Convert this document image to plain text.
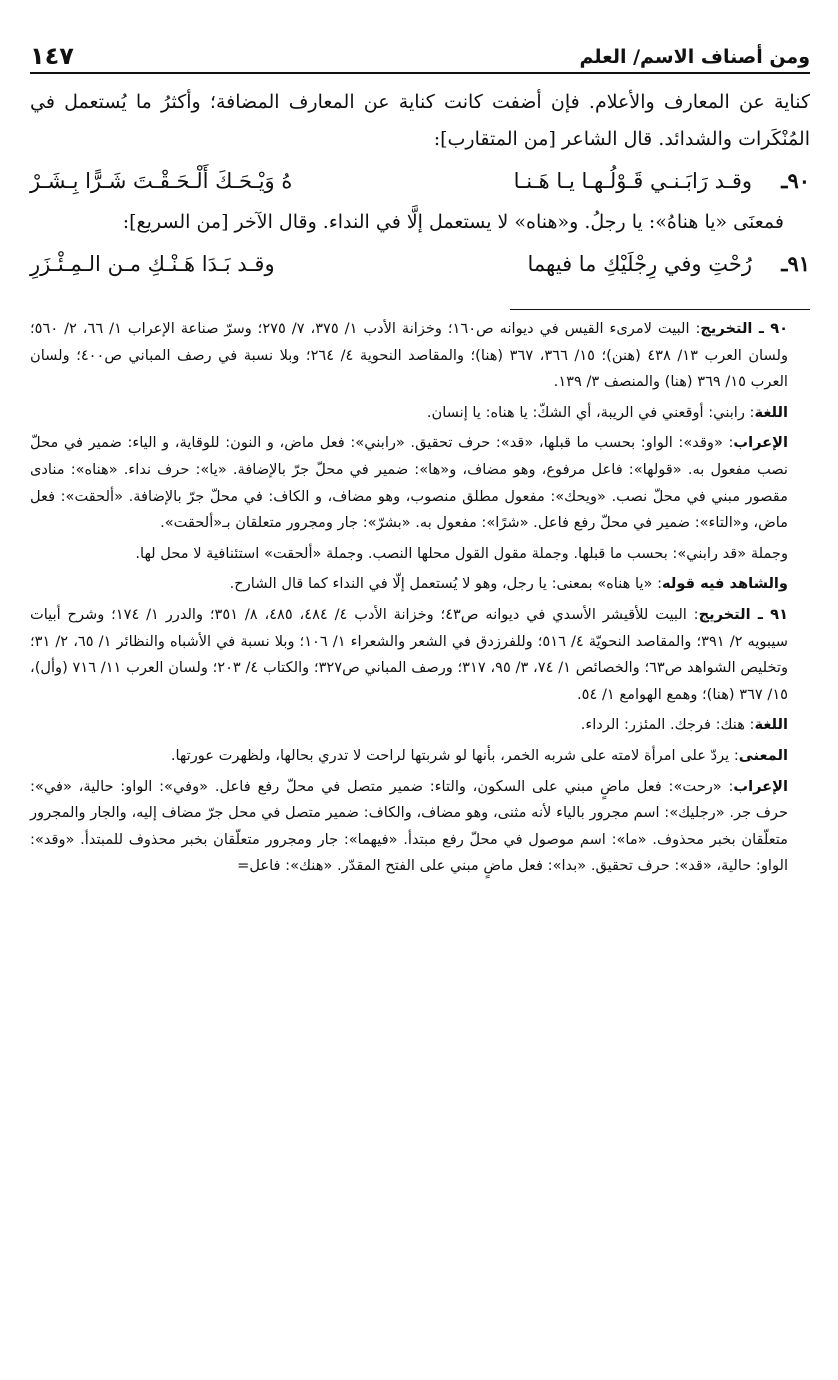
ومن أصناف الاسم/ العلم
١٤٧

كناية عن المعارف والأعلام. فإن أضفت كانت كناية عن المعارف المضافة؛ وأكثرُ ما يُستعمل في المُنْكَرات والشدائد. قال الشاعر [من المتقارب]:

٩٠ـ
وقـد رَابَـنـي قَـوْلُـهـا يـا هَـنـا
هُ وَيْـحَـكَ أَلْـحَـقْـتَ شَـرًّا بِـشَـرْ

فمعنَى «يا هناهُ»: يا رجلُ. و«هناه» لا يستعمل إلَّا في النداء. وقال الآخر [من السريع]:

٩١ـ
رُحْتِ وفي رِجْلَيْكِ ما فيهما
وقـد بَـدَا هَـنْـكِ مـن الـمِـئْـزَرِ

٩٠ ـ التخريج: البيت لامرىء القيس في ديوانه ص١٦٠؛ وخزانة الأدب ١/ ٣٧٥، ٧/ ٢٧٥؛ وسرّ صناعة الإعراب ١/ ٦٦، ٢/ ٥٦٠؛ ولسان العرب ١٣/ ٤٣٨ (هنن)؛ ١٥/ ٣٦٦، ٣٦٧ (هنا)؛ والمقاصد النحوية ٤/ ٢٦٤؛ وبلا نسبة في رصف المباني ص٤٠٠؛ ولسان العرب ١٥/ ٣٦٩ (هنا) والمنصف ٣/ ١٣٩.

اللغة: رابني: أوقعني في الريبة، أي الشكّ: يا هناه: يا إنسان.

الإعراب: «وقد»: الواو: بحسب ما قبلها، «قد»: حرف تحقيق. «رابني»: فعل ماض، و النون: للوقاية، و الياء: ضمير في محلّ نصب مفعول به. «قولها»: فاعل مرفوع، وهو مضاف، و«ها»: ضمير في محلّ جرّ بالإضافة. «يا»: حرف نداء. «هناه»: منادى مقصور مبني في محلّ نصب. «ويحك»: مفعول مطلق منصوب، وهو مضاف، و الكاف: في محلّ جرّ بالإضافة. «ألحقت»: فعل ماض، و«التاء»: ضمير في محلّ رفع فاعل. «شرًا»: مفعول به. «بشرّ»: جار ومجرور متعلقان بـ«ألحقت».

وجملة «قد رابني»: بحسب ما قبلها. وجملة مقول القول محلها النصب. وجملة «ألحقت» استئنافية لا محل لها.

والشاهد فيه قوله: «يا هناه» بمعنى: يا رجل، وهو لا يُستعمل إلّا في النداء كما قال الشارح.

٩١ ـ التخريج: البيت للأقيشر الأسدي في ديوانه ص٤٣؛ وخزانة الأدب ٤/ ٤٨٤، ٤٨٥، ٨/ ٣٥١؛ والدرر ١/ ١٧٤؛ وشرح أبيات سيبويه ٢/ ٣٩١؛ والمقاصد النحويّة ٤/ ٥١٦؛ وللفرزدق في الشعر والشعراء ١/ ١٠٦؛ وبلا نسبة في الأشباه والنظائر ١/ ٦٥، ٢/ ٣١؛ وتخليص الشواهد ص٦٣؛ والخصائص ١/ ٧٤، ٣/ ٩٥، ٣١٧؛ ورصف المباني ص٣٢٧؛ والكتاب ٤/ ٢٠٣؛ ولسان العرب ١١/ ٧١٦ (وأل)، ١٥/ ٣٦٧ (هنا)؛ وهمع الهوامع ١/ ٥٤.

اللغة: هنك: فرجك. المئزر: الرداء.

المعنى: يردّ على امرأة لامته على شربه الخمر، بأنها لو شربتها لراحت لا تدري بحالها، ولظهرت عورتها.

الإعراب: «رحت»: فعل ماضٍ مبني على السكون، والتاء: ضمير متصل في محلّ رفع فاعل. «وفي»: الواو: حالية، «في»: حرف جر. «رجليك»: اسم مجرور بالياء لأنه مثنى، وهو مضاف، والكاف: ضمير متصل في محل جرّ مضاف إليه، والجار والمجرور متعلّقان بخبر محذوف. «ما»: اسم موصول في محلّ رفع مبتدأ. «فيهما»: جار ومجرور متعلّقان بخبر محذوف للمبتدأ. «وقد»: الواو: حالية، «قد»: حرف تحقيق. «بدا»: فعل ماضٍ مبني على الفتح المقدّر. «هنك»: فاعل=
